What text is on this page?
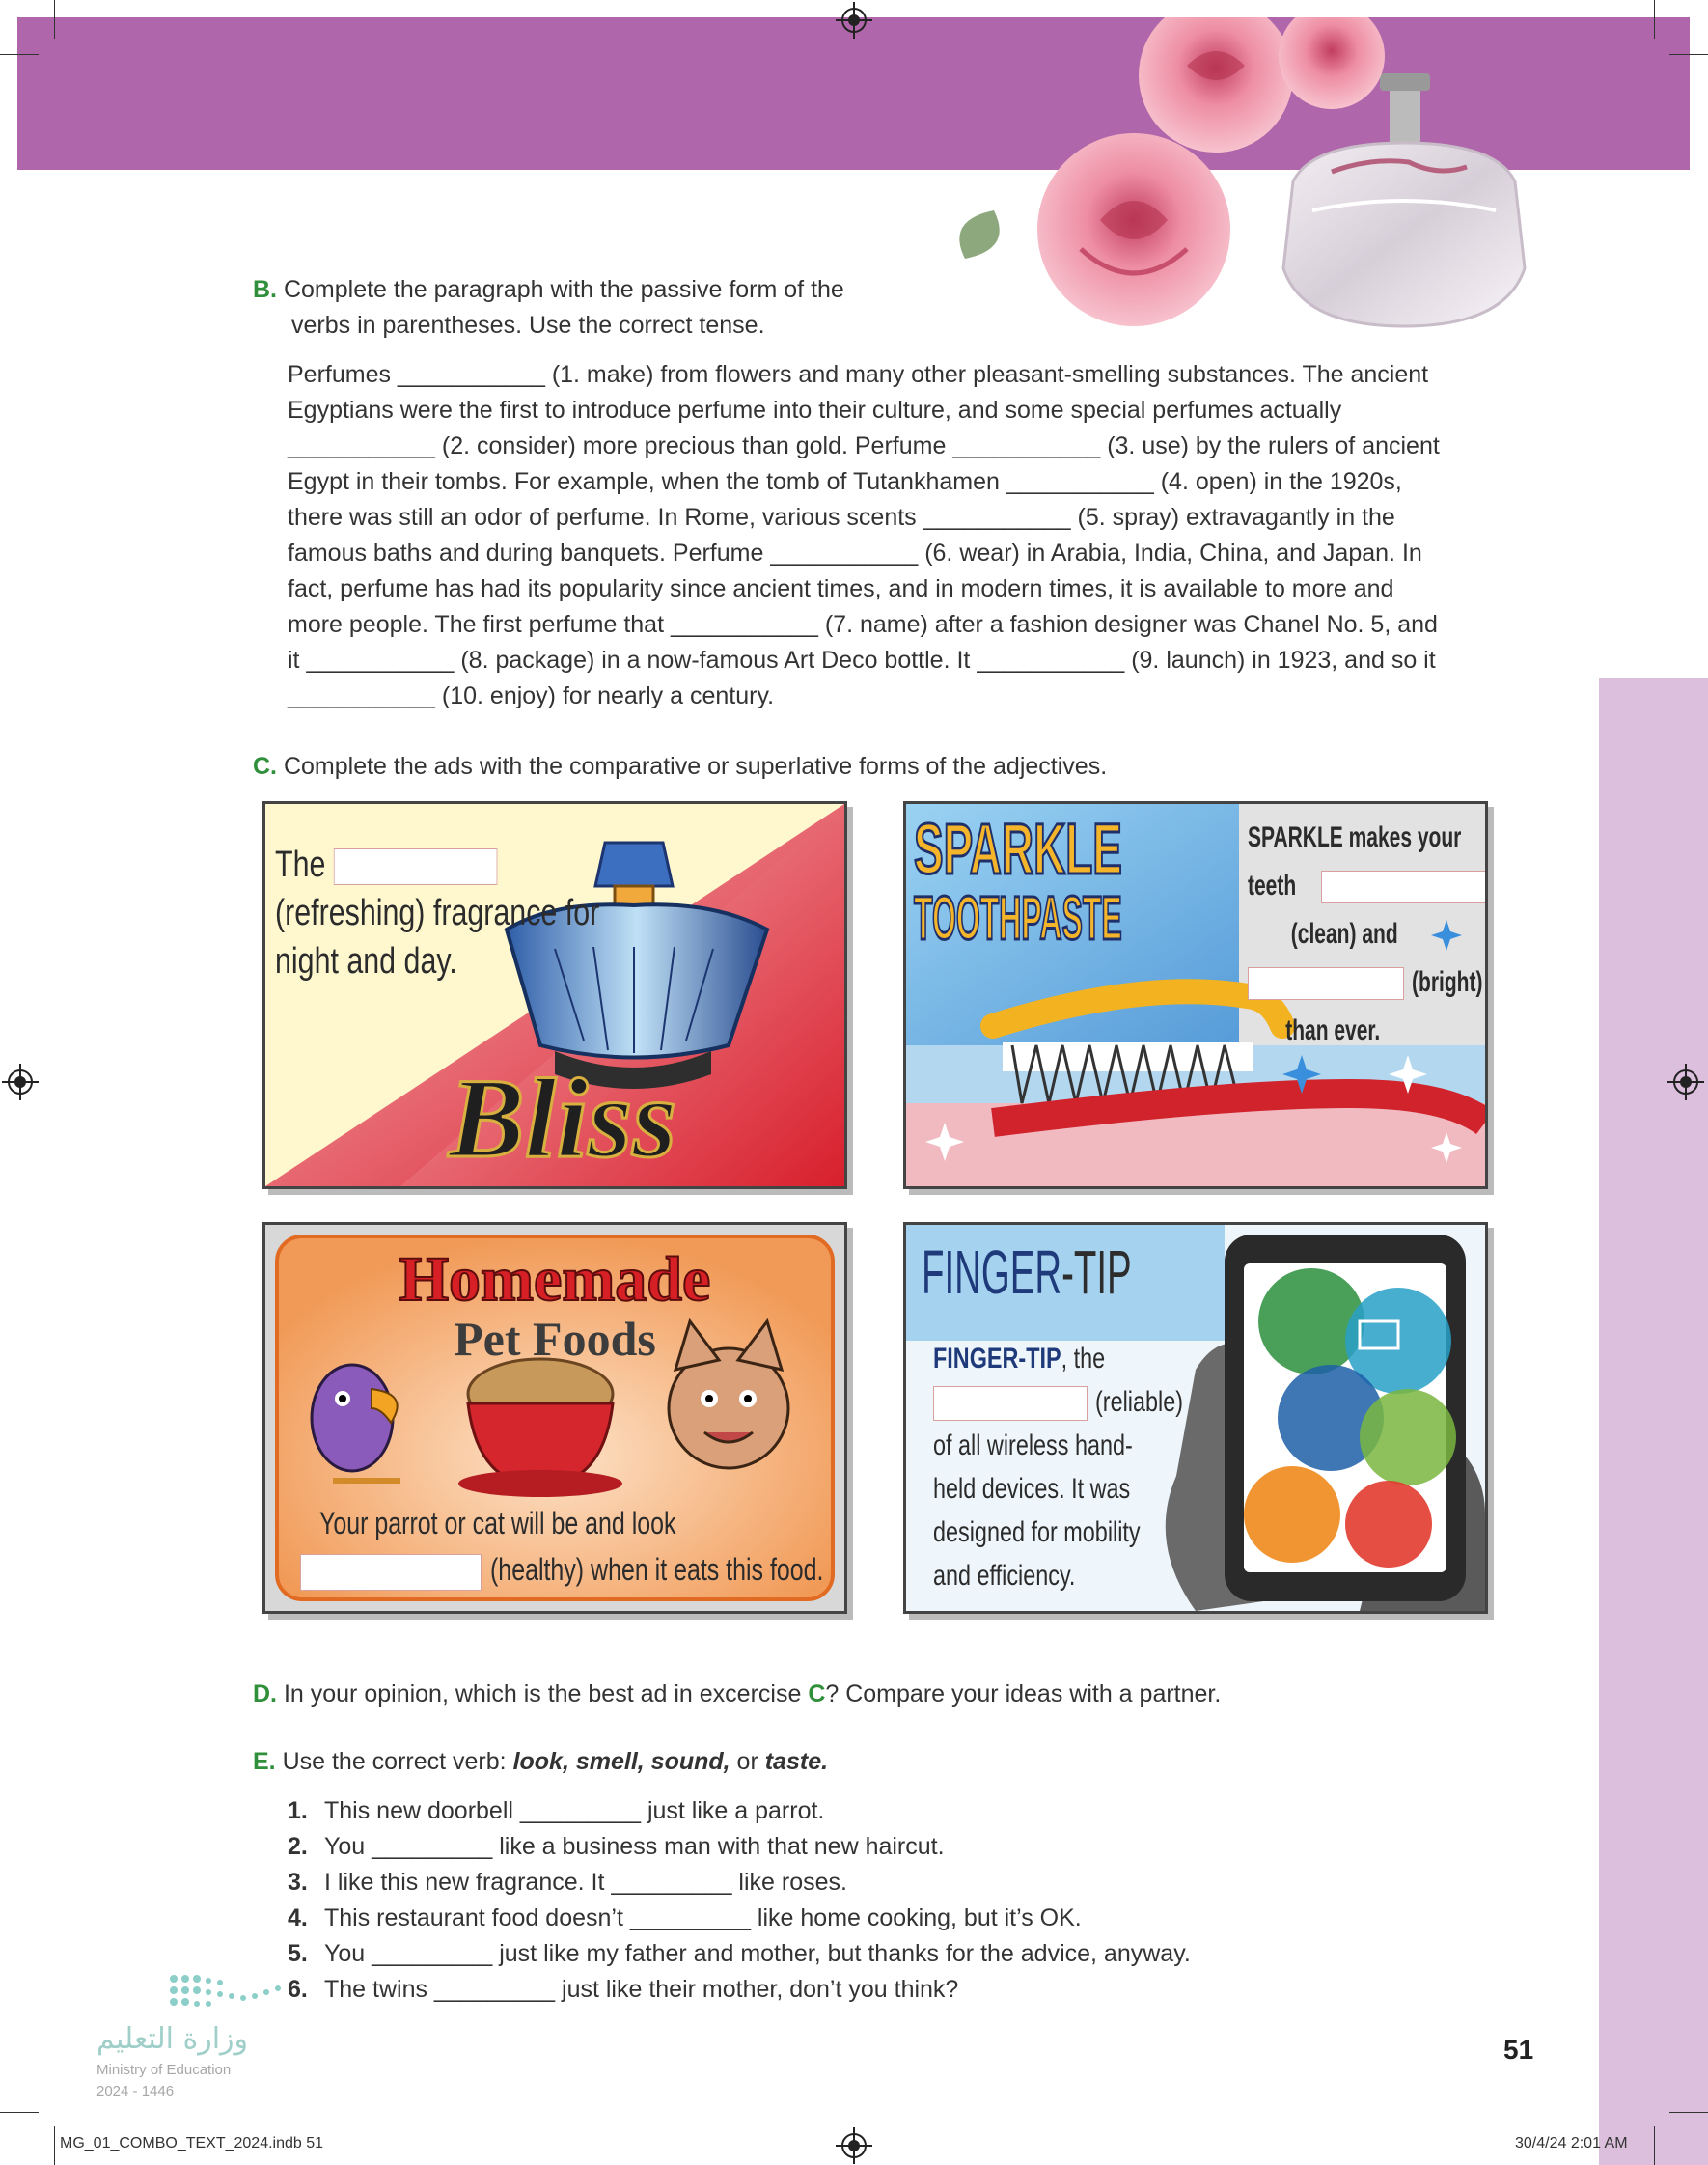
B. Complete the paragraph with the passive form of the
verbs in parentheses. Use the correct tense.

Perfumes ___________ (1. make) from flowers and many other pleasant-smelling substances. The ancient

Egyptians were the first to introduce perfume into their culture, and some special perfumes actually

___________ (2. consider) more precious than gold. Perfume ___________ (3. use) by the rulers of ancient

Egypt in their tombs. For example, when the tomb of Tutankhamen ___________ (4. open) in the 1920s,

there was still an odor of perfume. In Rome, various scents ___________ (5. spray) extravagantly in the

famous baths and during banquets. Perfume ___________ (6. wear) in Arabia, India, China, and Japan. In

fact, perfume has had its popularity since ancient times, and in modern times, it is available to more and

more people. The first perfume that ___________ (7. name) after a fashion designer was Chanel No. 5, and

it ___________ (8. package) in a now-famous Art Deco bottle. It ___________ (9. launch) in 1923, and so it

___________ (10. enjoy) for nearly a century.

C. Complete the ads with the comparative or superlative forms of the adjectives.
The
(refreshing) fragrance for
night and day.
Bliss
SPARKLE
TOOTHPASTE
SPARKLE makes your
teeth
(clean) and
(bright)
than ever.
Homemade
Pet Foods
Your parrot or cat will be and look
(healthy) when it eats this food.
FINGER-TIP
FINGER-TIP, the
(reliable)
of all wireless hand-
held devices. It was
designed for mobility
and efficiency.
D. In your opinion, which is the best ad in excercise C? Compare your ideas with a partner.
E. Use the correct verb: look, smell, sound, or taste.
1. This new doorbell _________ just like a parrot.
2. You _________ like a business man with that new haircut.
3. I like this new fragrance. It _________ like roses.
4. This restaurant food doesn’t _________ like home cooking, but it’s OK.
5. You _________ just like my father and mother, but thanks for the advice, anyway.
6. The twins _________ just like their mother, don’t you think?
وزارة التعليم
Ministry of Education
2024 - 1446
51
MG_01_COMBO_TEXT_2024.indb 51	30/4/24 2:01 AM
